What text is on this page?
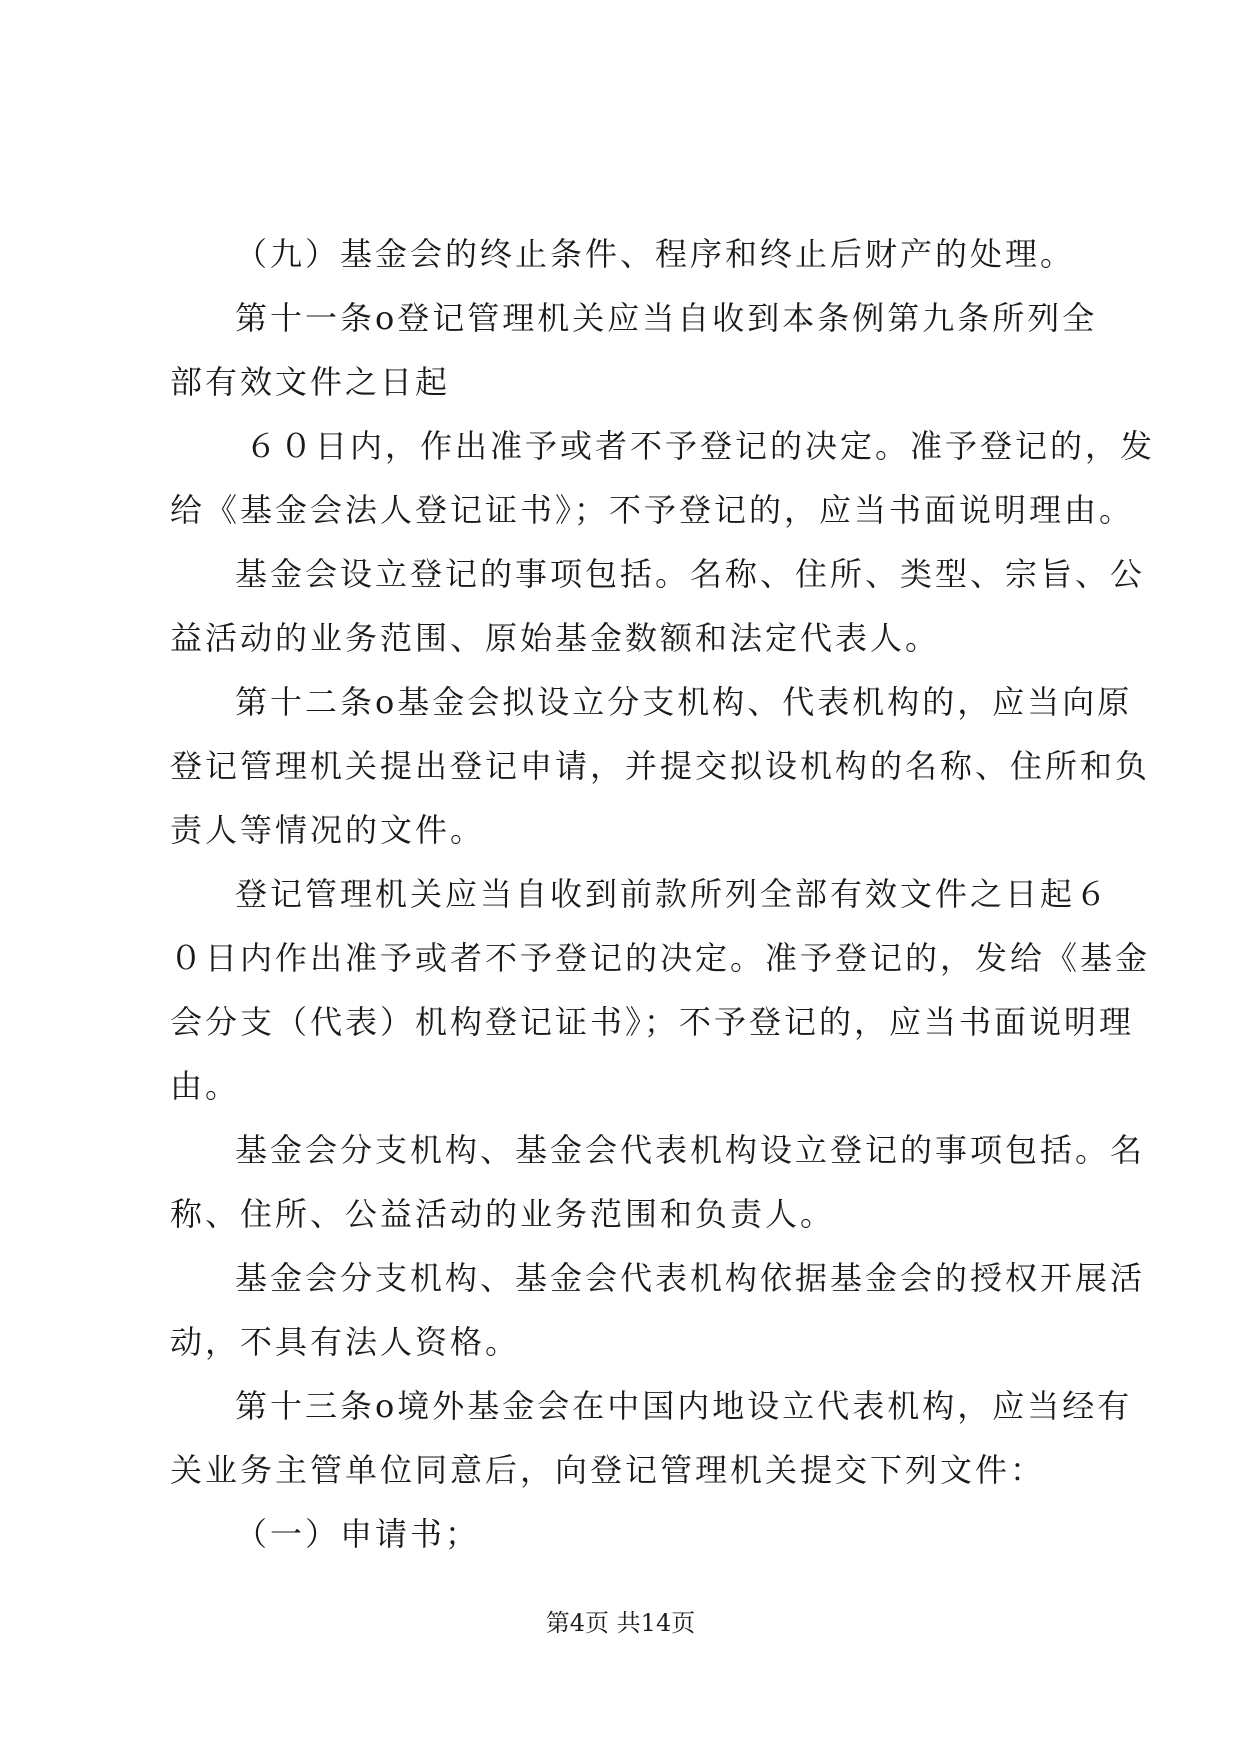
（九）基金会的终止条件、程序和终止后财产的处理。
第十一条o登记管理机关应当自收到本条例第九条所列全
部有效文件之日起
６０日内，作出准予或者不予登记的决定。准予登记的，发
给《基金会法人登记证书》；不予登记的，应当书面说明理由。
基金会设立登记的事项包括。名称、住所、类型、宗旨、公
益活动的业务范围、原始基金数额和法定代表人。
第十二条o基金会拟设立分支机构、代表机构的，应当向原
登记管理机关提出登记申请，并提交拟设机构的名称、住所和负
责人等情况的文件。
登记管理机关应当自收到前款所列全部有效文件之日起６
０日内作出准予或者不予登记的决定。准予登记的，发给《基金
会分支（代表）机构登记证书》；不予登记的，应当书面说明理
由。
基金会分支机构、基金会代表机构设立登记的事项包括。名
称、住所、公益活动的业务范围和负责人。
基金会分支机构、基金会代表机构依据基金会的授权开展活
动，不具有法人资格。
第十三条o境外基金会在中国内地设立代表机构，应当经有
关业务主管单位同意后，向登记管理机关提交下列文件：
（一）申请书；
第4页 共14页
